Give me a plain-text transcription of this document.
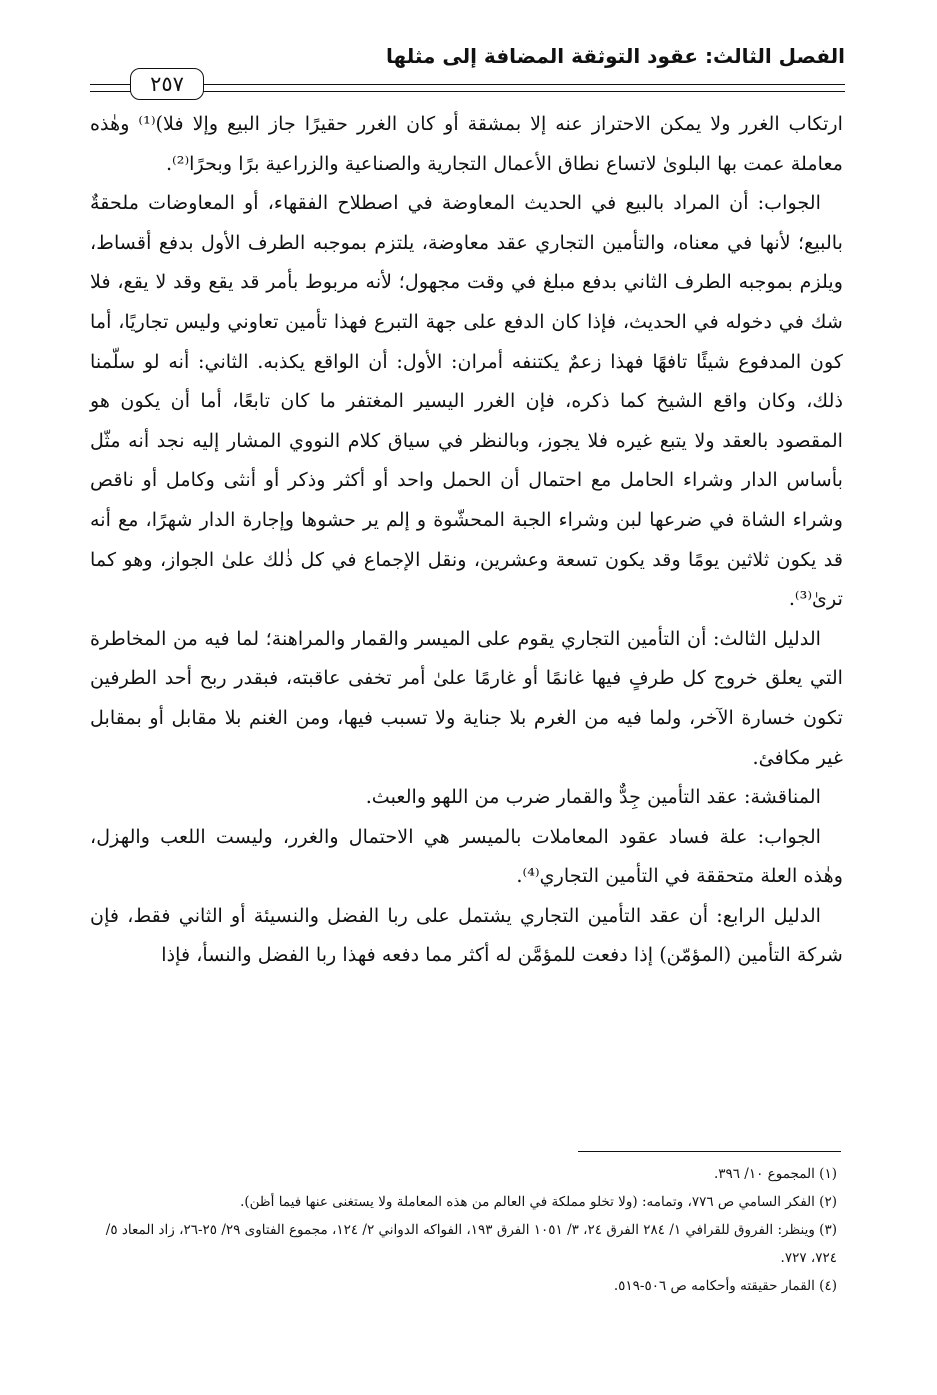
الفصل الثالث: عقود التوثقة المضافة إلى مثلها
٢٥٧

ارتكاب الغرر ولا يمكن الاحتراز عنه إلا بمشقة أو كان الغرر حقيرًا جاز البيع وإلا فلا)⁽¹⁾ وهٰذه معاملة عمت بها البلوىٰ لاتساع نطاق الأعمال التجارية والصناعية والزراعية برًا وبحرًا⁽²⁾.

الجواب: أن المراد بالبيع في الحديث المعاوضة في اصطلاح الفقهاء، أو المعاوضات ملحقةٌ بالبيع؛ لأنها في معناه، والتأمين التجاري عقد معاوضة، يلتزم بموجبه الطرف الأول بدفع أقساط، ويلزم بموجبه الطرف الثاني بدفع مبلغ في وقت مجهول؛ لأنه مربوط بأمر قد يقع وقد لا يقع، فلا شك في دخوله في الحديث، فإذا كان الدفع على جهة التبرع فهذا تأمين تعاوني وليس تجاريًا، أما كون المدفوع شيئًا تافهًا فهذا زعمٌ يكتنفه أمران: الأول: أن الواقع يكذبه. الثاني: أنه لو سلّمنا ذلك، وكان واقع الشيخ كما ذكره، فإن الغرر اليسير المغتفر ما كان تابعًا، أما أن يكون هو المقصود بالعقد ولا يتبع غيره فلا يجوز، وبالنظر في سياق كلام النووي المشار إليه نجد أنه مثّل بأساس الدار وشراء الحامل مع احتمال أن الحمل واحد أو أكثر وذكر أو أنثى وكامل أو ناقص وشراء الشاة في ضرعها لبن وشراء الجبة المحشّوة و إلم ير حشوها وإجارة الدار شهرًا، مع أنه قد يكون ثلاثين يومًا وقد يكون تسعة وعشرين، ونقل الإجماع في كل ذٰلك علىٰ الجواز، وهو كما ترىٰ⁽³⁾.

الدليل الثالث: أن التأمين التجاري يقوم على الميسر والقمار والمراهنة؛ لما فيه من المخاطرة التي يعلق خروج كل طرفٍ فيها غانمًا أو غارمًا علىٰ أمر تخفى عاقبته، فبقدر ربح أحد الطرفين تكون خسارة الآخر، ولما فيه من الغرم بلا جناية ولا تسبب فيها، ومن الغنم بلا مقابل أو بمقابل غير مكافئ.

المناقشة: عقد التأمين جِدٌّ والقمار ضرب من اللهو والعبث.

الجواب: علة فساد عقود المعاملات بالميسر هي الاحتمال والغرر، وليست اللعب والهزل، وهٰذه العلة متحققة في التأمين التجاري⁽⁴⁾.

الدليل الرابع: أن عقد التأمين التجاري يشتمل على ربا الفضل والنسيئة أو الثاني فقط، فإن شركة التأمين (المؤمّن) إذا دفعت للمؤمَّن له أكثر مما دفعه فهذا ربا الفضل والنسأ، فإذا

(١) المجموع ١٠/ ٣٩٦.

(٢) الفكر السامي ص ٧٧٦، وتمامه: (ولا تخلو مملكة في العالم من هذه المعاملة ولا يستغنى عنها فيما أظن).

(٣) وينظر: الفروق للقرافي ١/ ٢٨٤ الفرق ٢٤، ٣/ ١٠٥١ الفرق ١٩٣، الفواكه الدواني ٢/ ١٢٤، مجموع الفتاوى ٢٩/ ٢٥-٢٦، زاد المعاد ٥/ ٧٢٤، ٧٢٧.

(٤) القمار حقيقته وأحكامه ص ٥٠٦-٥١٩.
